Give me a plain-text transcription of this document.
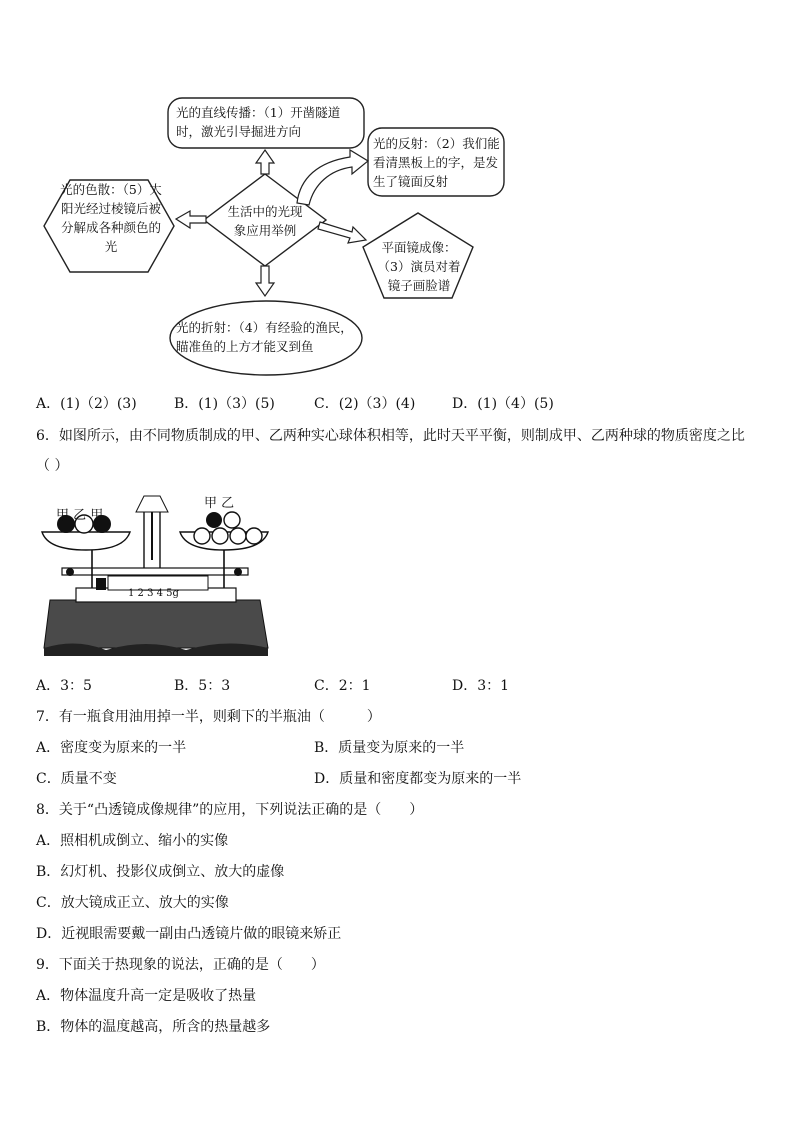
光的直线传播：（1）开凿隧道时，激光引导掘进方向
光的反射：（2）我们能看清黑板上的字，是发生了镜面反射
光的色散：（5）太阳光经过棱镜后被分解成各种颜色的光
生活中的光现象应用举例
平面镜成像：（3）演员对着镜子画脸谱
光的折射：（4）有经验的渔民，瞄准鱼的上方才能叉到鱼
A．(1)（2）(3)	B．(1)（3）(5)	C．(2)（3）(4)	D．(1)（4）(5)
6．如图所示，由不同物质制成的甲、乙两种实心球体积相等，此时天平平衡，则制成甲、乙两种球的物质密度之比
（ ）
甲 乙 甲
甲 乙
1 2 3 4 5g
A．3：5	B．5：3	C．2：1	D．3：1
7．有一瓶食用油用掉一半，则剩下的半瓶油（　　　）
A．密度变为原来的一半	B．质量变为原来的一半
C．质量不变	D．质量和密度都变为原来的一半
8．关于“凸透镜成像规律”的应用，下列说法正确的是（　　）
A．照相机成倒立、缩小的实像
B．幻灯机、投影仪成倒立、放大的虚像
C．放大镜成正立、放大的实像
D．近视眼需要戴一副由凸透镜片做的眼镜来矫正
9．下面关于热现象的说法，正确的是（　　）
A．物体温度升高一定是吸收了热量
B．物体的温度越高，所含的热量越多
